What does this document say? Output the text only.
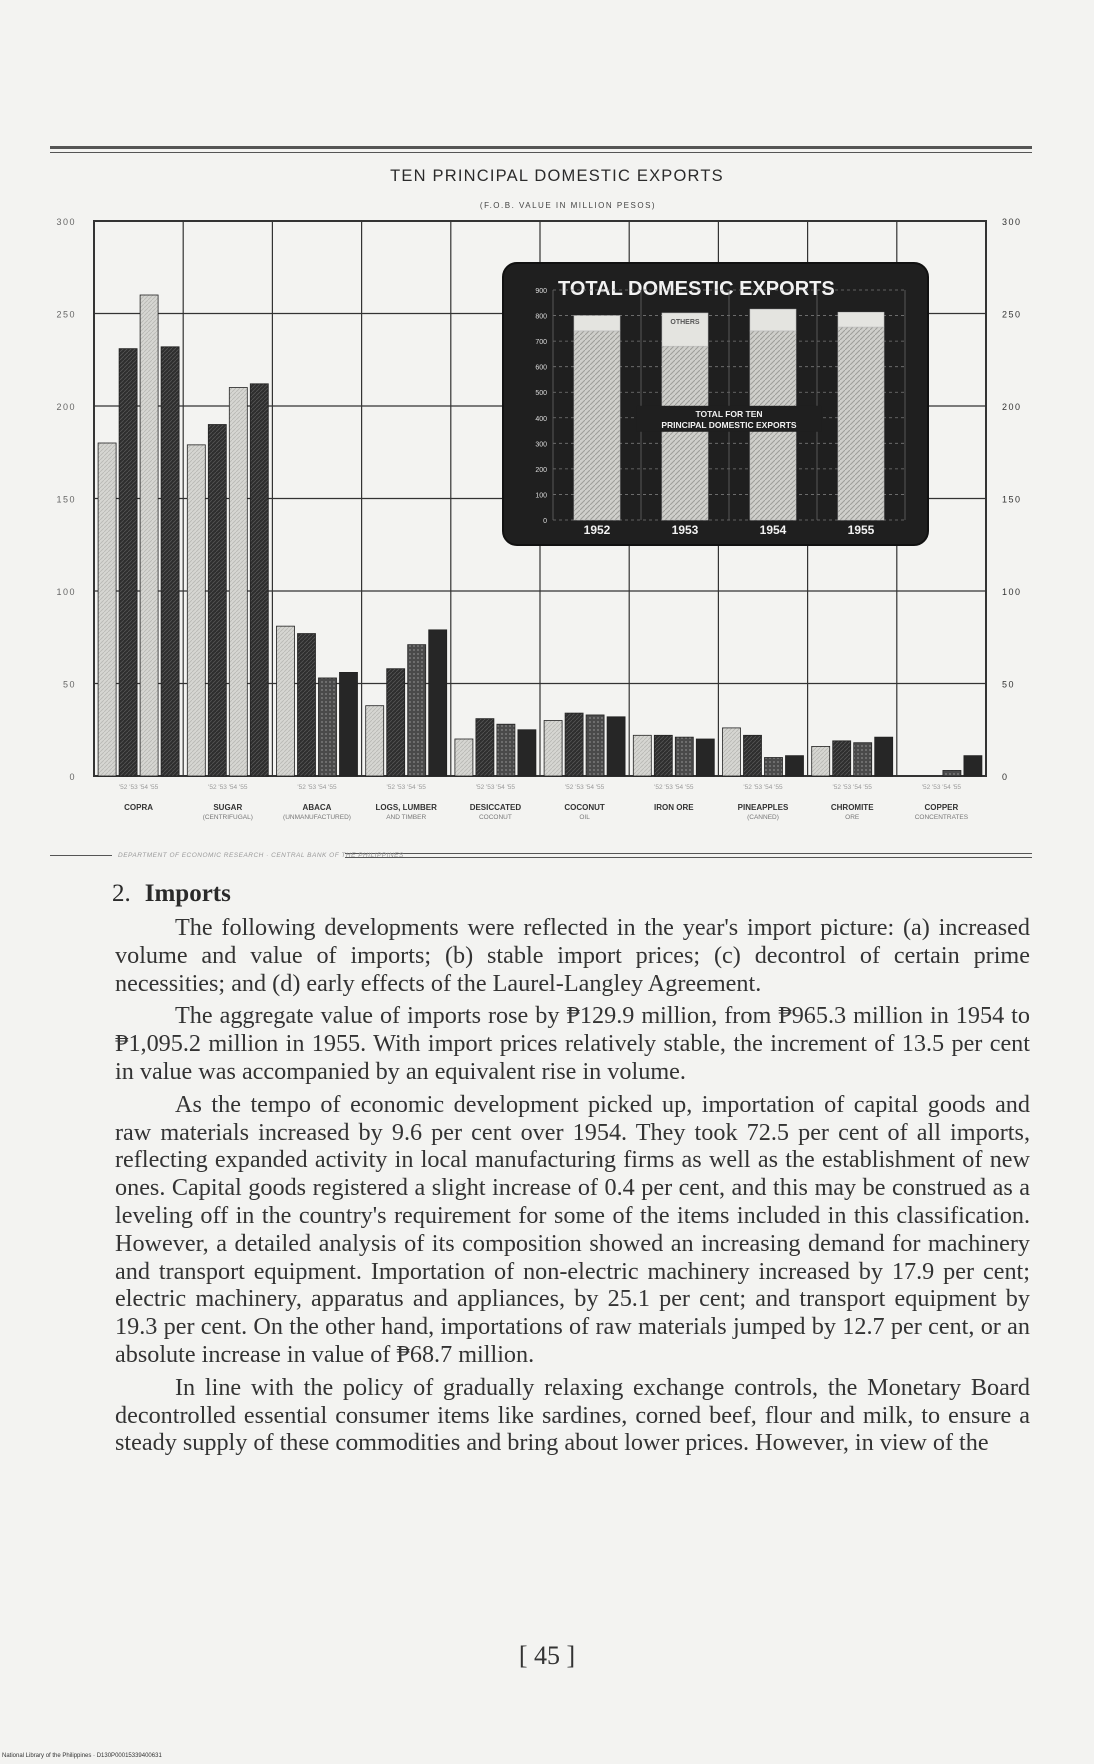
TEN PRINCIPAL DOMESTIC EXPORTS
(F.O.B. VALUE IN MILLION PESOS)
0	0
50	50
100	100
150	150
200	200
250	250
300	300
'52 '53 '54 '55
COPRA
'52 '53 '54 '55
SUGAR
(CENTRIFUGAL)
'52 '53 '54 '55
ABACA
(UNMANUFACTURED)
'52 '53 '54 '55
LOGS, LUMBER
AND TIMBER
'52 '53 '54 '55
DESICCATED
COCONUT
'52 '53 '54 '55
COCONUT
OIL
'52 '53 '54 '55
IRON ORE
'52 '53 '54 '55
PINEAPPLES
(CANNED)
'52 '53 '54 '55
CHROMITE
ORE
'52 '53 '54 '55
COPPER
CONCENTRATES
TOTAL DOMESTIC EXPORTS
0
100
200
300
400
500
600
700
800
900
1952	1953	1954	1955
OTHERS
TOTAL FOR TEN
PRINCIPAL DOMESTIC EXPORTS
DEPARTMENT OF ECONOMIC RESEARCH · CENTRAL BANK OF THE PHILIPPINES
2. Imports

The following developments were reflected in the year's import picture: (a) increased volume and value of imports; (b) stable import prices; (c) decontrol of certain prime necessities; and (d) early effects of the Laurel-Langley Agreement.

The aggregate value of imports rose by ₱129.9 million, from ₱965.3 million in 1954 to ₱1,095.2 million in 1955. With import prices relatively stable, the increment of 13.5 per cent in value was accompanied by an equivalent rise in volume.

As the tempo of economic development picked up, importation of capital goods and raw materials increased by 9.6 per cent over 1954. They took 72.5 per cent of all imports, reflecting expanded activity in local manufacturing firms as well as the establishment of new ones. Capital goods registered a slight increase of 0.4 per cent, and this may be construed as a leveling off in the country's requirement for some of the items included in this classification. However, a detailed analysis of its composition showed an increasing demand for machinery and transport equipment. Importation of non-electric machinery increased by 17.9 per cent; electric machinery, apparatus and appliances, by 25.1 per cent; and transport equipment by 19.3 per cent. On the other hand, importations of raw materials jumped by 12.7 per cent, or an absolute increase in value of ₱68.7 million.

In line with the policy of gradually relaxing exchange controls, the Monetary Board decontrolled essential consumer items like sardines, corned beef, flour and milk, to ensure a steady supply of these commodities and bring about lower prices. However, in view of the

[ 45 ]
National Library of the Philippines · D130P00015339400631
